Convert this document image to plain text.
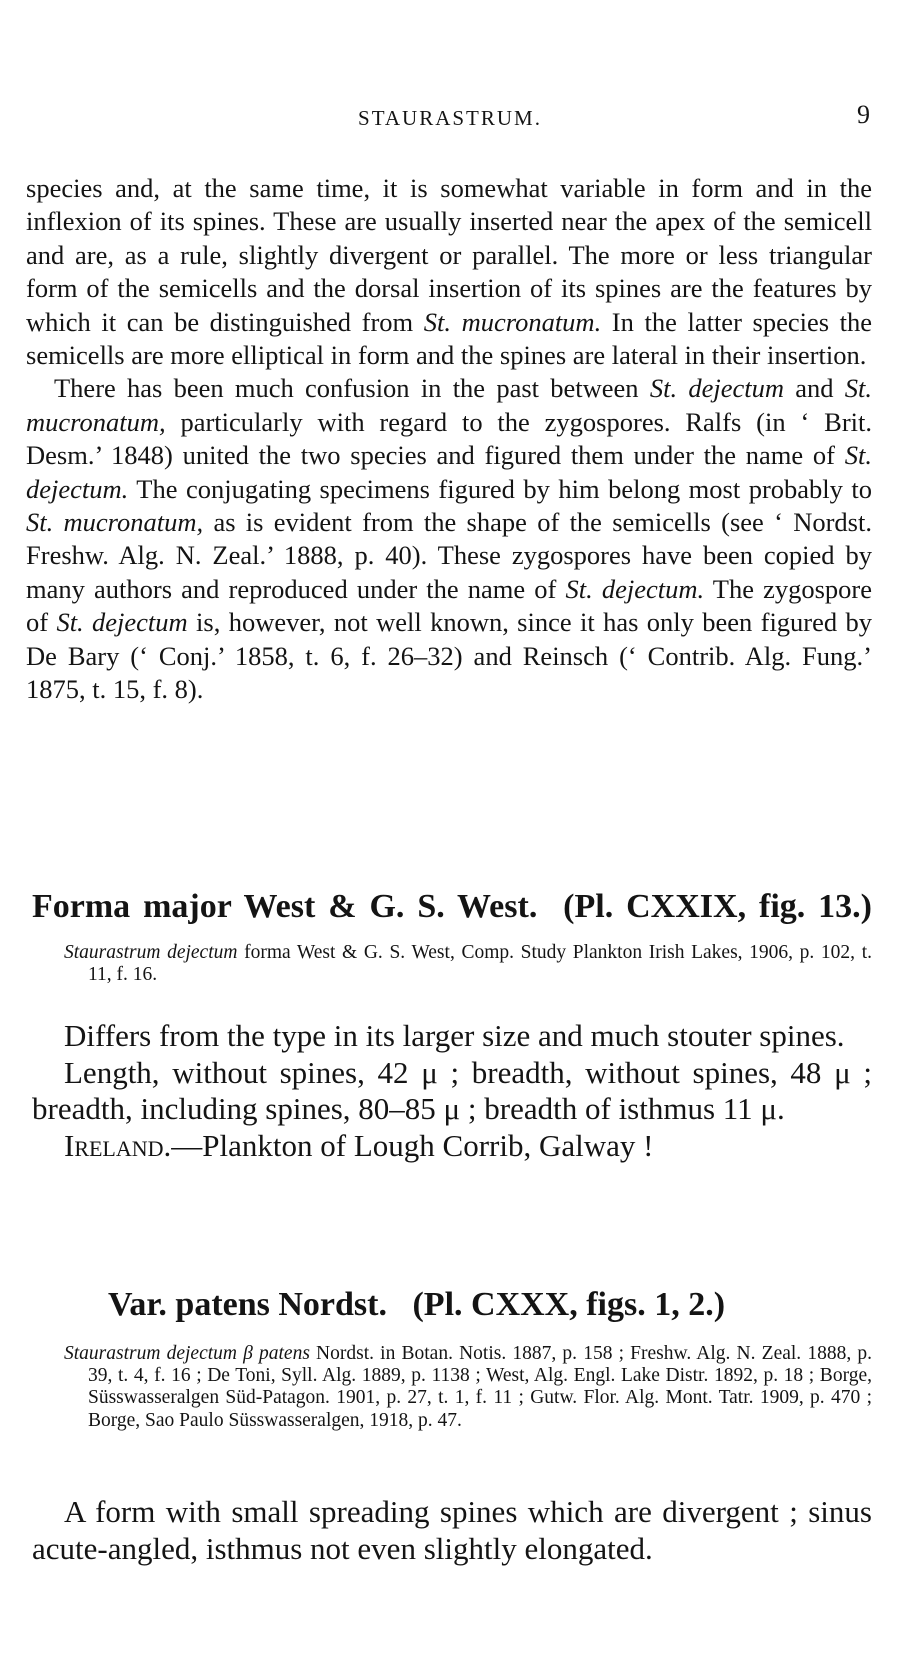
STAURASTRUM.	9

species and, at the same time, it is somewhat variable in form and in the inflexion of its spines. These are usually inserted near the apex of the semicell and are, as a rule, slightly divergent or parallel. The more or less triangular form of the semicells and the dorsal insertion of its spines are the features by which it can be distinguished from St. mucronatum. In the latter species the semicells are more elliptical in form and the spines are lateral in their insertion.

There has been much confusion in the past between St. dejectum and St. mucronatum, particularly with regard to the zygospores. Ralfs (in ‘ Brit. Desm.’ 1848) united the two species and figured them under the name of St. dejectum. The conjugating specimens figured by him belong most probably to St. mucronatum, as is evident from the shape of the semicells (see ‘ Nordst. Freshw. Alg. N. Zeal.’ 1888, p. 40). These zygospores have been copied by many authors and reproduced under the name of St. dejectum. The zygospore of St. dejectum is, however, not well known, since it has only been figured by De Bary (‘ Conj.’ 1858, t. 6, f. 26–32) and Reinsch (‘ Contrib. Alg. Fung.’ 1875, t. 15, f. 8).

Forma major West & G. S. West. (Pl. CXXIX, fig. 13.)

Staurastrum dejectum forma West & G. S. West, Comp. Study Plankton Irish Lakes, 1906, p. 102, t. 11, f. 16.

Differs from the type in its larger size and much stouter spines.

Length, without spines, 42 μ ; breadth, without spines, 48 μ ; breadth, including spines, 80–85 μ ; breadth of isthmus 11 μ.

Ireland.—Plankton of Lough Corrib, Galway !

Var. patens Nordst. (Pl. CXXX, figs. 1, 2.)

Staurastrum dejectum β patens Nordst. in Botan. Notis. 1887, p. 158 ; Freshw. Alg. N. Zeal. 1888, p. 39, t. 4, f. 16 ; De Toni, Syll. Alg. 1889, p. 1138 ; West, Alg. Engl. Lake Distr. 1892, p. 18 ; Borge, Süsswasseralgen Süd-Patagon. 1901, p. 27, t. 1, f. 11 ; Gutw. Flor. Alg. Mont. Tatr. 1909, p. 470 ; Borge, Sao Paulo Süsswasseralgen, 1918, p. 47.

A form with small spreading spines which are divergent ; sinus acute-angled, isthmus not even slightly elongated.
